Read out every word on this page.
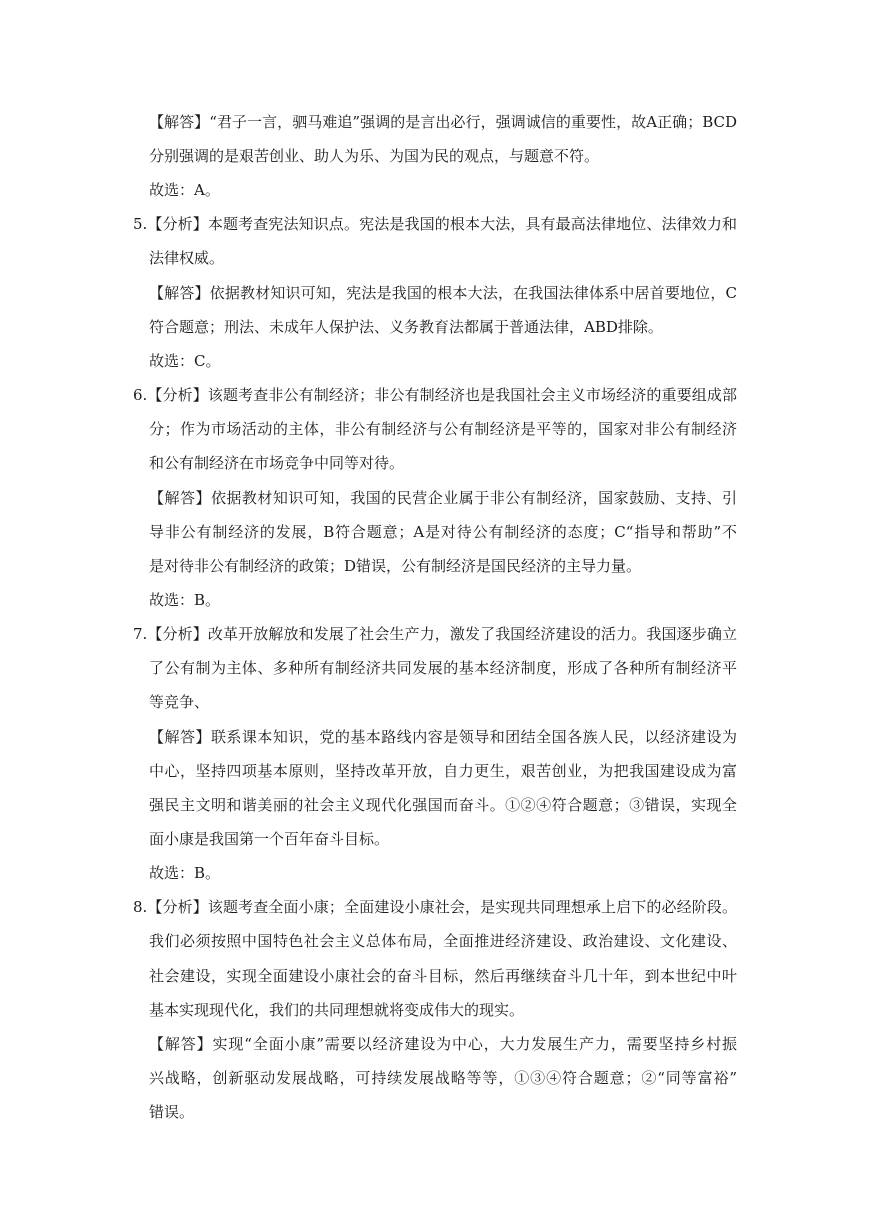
【解答】“君子一言，驷马难追”强调的是言出必行，强调诚信的重要性，故A正确；BCD
分别强调的是艰苦创业、助人为乐、为国为民的观点，与题意不符。
故选：A。
5.【分析】本题考查宪法知识点。宪法是我国的根本大法，具有最高法律地位、法律效力和
法律权威。
【解答】依据教材知识可知，宪法是我国的根本大法，在我国法律体系中居首要地位，C
符合题意；刑法、未成年人保护法、义务教育法都属于普通法律，ABD排除。
故选：C。
6.【分析】该题考查非公有制经济；非公有制经济也是我国社会主义市场经济的重要组成部
分；作为市场活动的主体，非公有制经济与公有制经济是平等的，国家对非公有制经济
和公有制经济在市场竞争中同等对待。
【解答】依据教材知识可知，我国的民营企业属于非公有制经济，国家鼓励、支持、引
导非公有制经济的发展，B符合题意；A是对待公有制经济的态度；C“指导和帮助”不
是对待非公有制经济的政策；D错误，公有制经济是国民经济的主导力量。
故选：B。
7.【分析】改革开放解放和发展了社会生产力，激发了我国经济建设的活力。我国逐步确立
了公有制为主体、多种所有制经济共同发展的基本经济制度，形成了各种所有制经济平
等竞争、
【解答】联系课本知识，党的基本路线内容是领导和团结全国各族人民，以经济建设为
中心，坚持四项基本原则，坚持改革开放，自力更生，艰苦创业，为把我国建设成为富
强民主文明和谐美丽的社会主义现代化强国而奋斗。①②④符合题意；③错误，实现全
面小康是我国第一个百年奋斗目标。
故选：B。
8.【分析】该题考查全面小康；全面建设小康社会，是实现共同理想承上启下的必经阶段。
我们必须按照中国特色社会主义总体布局，全面推进经济建设、政治建设、文化建设、
社会建设，实现全面建设小康社会的奋斗目标，然后再继续奋斗几十年，到本世纪中叶
基本实现现代化，我们的共同理想就将变成伟大的现实。
【解答】实现“全面小康”需要以经济建设为中心，大力发展生产力，需要坚持乡村振
兴战略，创新驱动发展战略，可持续发展战略等等，①③④符合题意；②“同等富裕”
错误。
